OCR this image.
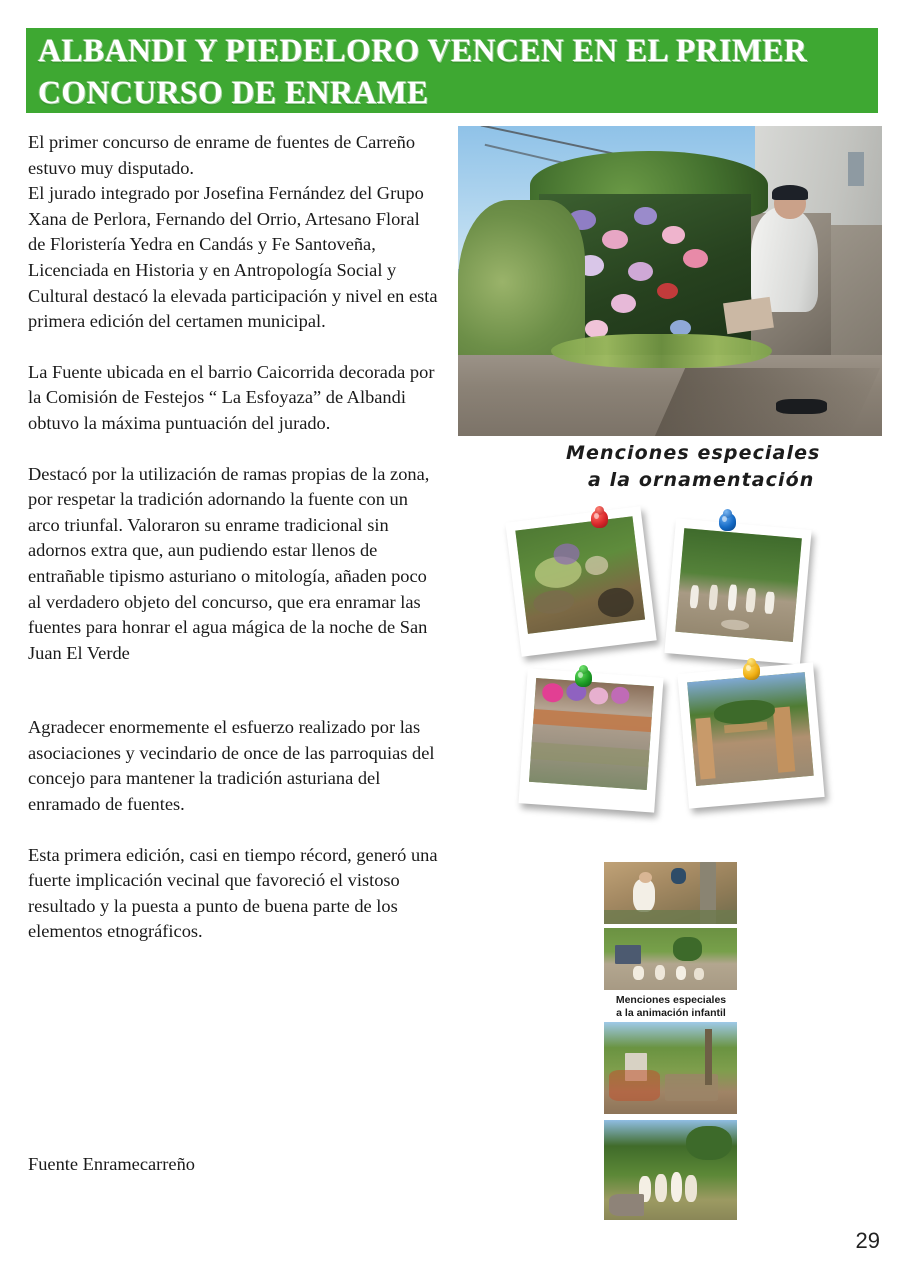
ALBANDI Y PIEDELORO VENCEN EN EL PRIMER
CONCURSO DE ENRAME

El primer concurso de enrame de fuentes de Carreño estuvo muy disputado.

El jurado integrado por Josefina Fernández del Grupo Xana de Perlora, Fernando del Orrio, Artesano Floral de Floristería Yedra en Candás y Fe Santoveña, Licenciada en Historia y en Antropología Social y Cultural destacó la elevada participación y nivel en esta primera edición del certamen municipal.

La Fuente ubicada en el barrio Caicorrida decorada por la Comisión de Festejos “ La Esfoyaza” de Albandi obtuvo la máxima puntuación del jurado.

Destacó por la utilización de ramas propias de la zona, por respetar la tradición adornando la fuente con un arco triunfal. Valoraron su enrame tradicional sin adornos extra que, aun pudiendo estar llenos de entrañable tipismo asturiano o mitología, añaden poco al verdadero objeto del concurso, que era enramar las fuentes para honrar el agua mágica de la noche de San Juan El Verde

Agradecer enormemente el esfuerzo realizado por las asociaciones y vecindario de once de las parroquias del concejo para mantener la tradición asturiana del enramado de fuentes.

Esta primera edición, casi en tiempo récord, generó una fuerte implicación vecinal que favoreció el vistoso resultado y la puesta a punto de buena parte de los elementos etnográficos.

Fuente Enramecarreño
Menciones especiales
a la ornamentación
Menciones especiales
a la animación infantil
29
